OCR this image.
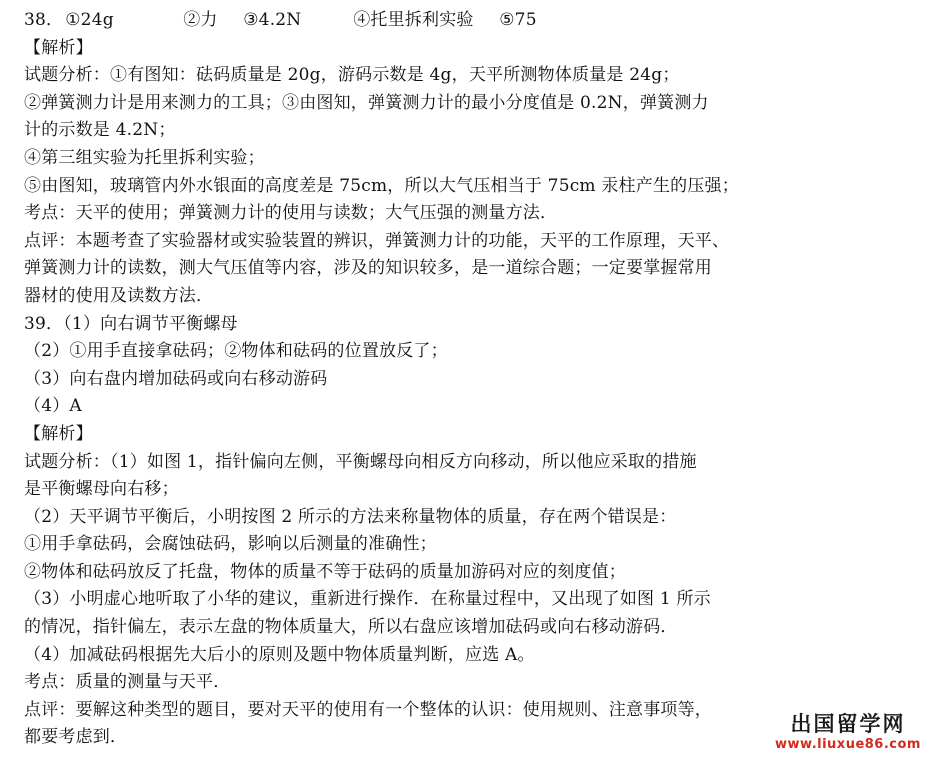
38． ①24g	②力 ③4.2N	④托里拆利实验 ⑤75
【解析】
试题分析：①有图知：砝码质量是 20g，游码示数是 4g，天平所测物体质量是 24g；
②弹簧测力计是用来测力的工具；③由图知，弹簧测力计的最小分度值是 0.2N，弹簧测力
计的示数是 4.2N；
④第三组实验为托里拆利实验；
⑤由图知，玻璃管内外水银面的高度差是 75cm，所以大气压相当于 75cm 汞柱产生的压强；
考点：天平的使用；弹簧测力计的使用与读数；大气压强的测量方法．
点评：本题考查了实验器材或实验装置的辨识，弹簧测力计的功能，天平的工作原理，天平、
弹簧测力计的读数，测大气压值等内容，涉及的知识较多，是一道综合题；一定要掌握常用
器材的使用及读数方法．
39．（1）向右调节平衡螺母
（2）①用手直接拿砝码；②物体和砝码的位置放反了；
（3）向右盘内增加砝码或向右移动游码
（4）A
【解析】
试题分析：（1）如图 1，指针偏向左侧，平衡螺母向相反方向移动，所以他应采取的措施
是平衡螺母向右移；
（2）天平调节平衡后，小明按图 2 所示的方法来称量物体的质量，存在两个错误是：
①用手拿砝码，会腐蚀砝码，影响以后测量的准确性；
②物体和砝码放反了托盘，物体的质量不等于砝码的质量加游码对应的刻度值；
（3）小明虚心地听取了小华的建议，重新进行操作．在称量过程中，又出现了如图 1 所示
的情况，指针偏左，表示左盘的物体质量大，所以右盘应该增加砝码或向右移动游码．
（4）加减砝码根据先大后小的原则及题中物体质量判断，应选 A。
考点：质量的测量与天平．
点评：要解这种类型的题目，要对天平的使用有一个整体的认识：使用规则、注意事项等，
都要考虑到．
出国留学网
www.liuxue86.com
